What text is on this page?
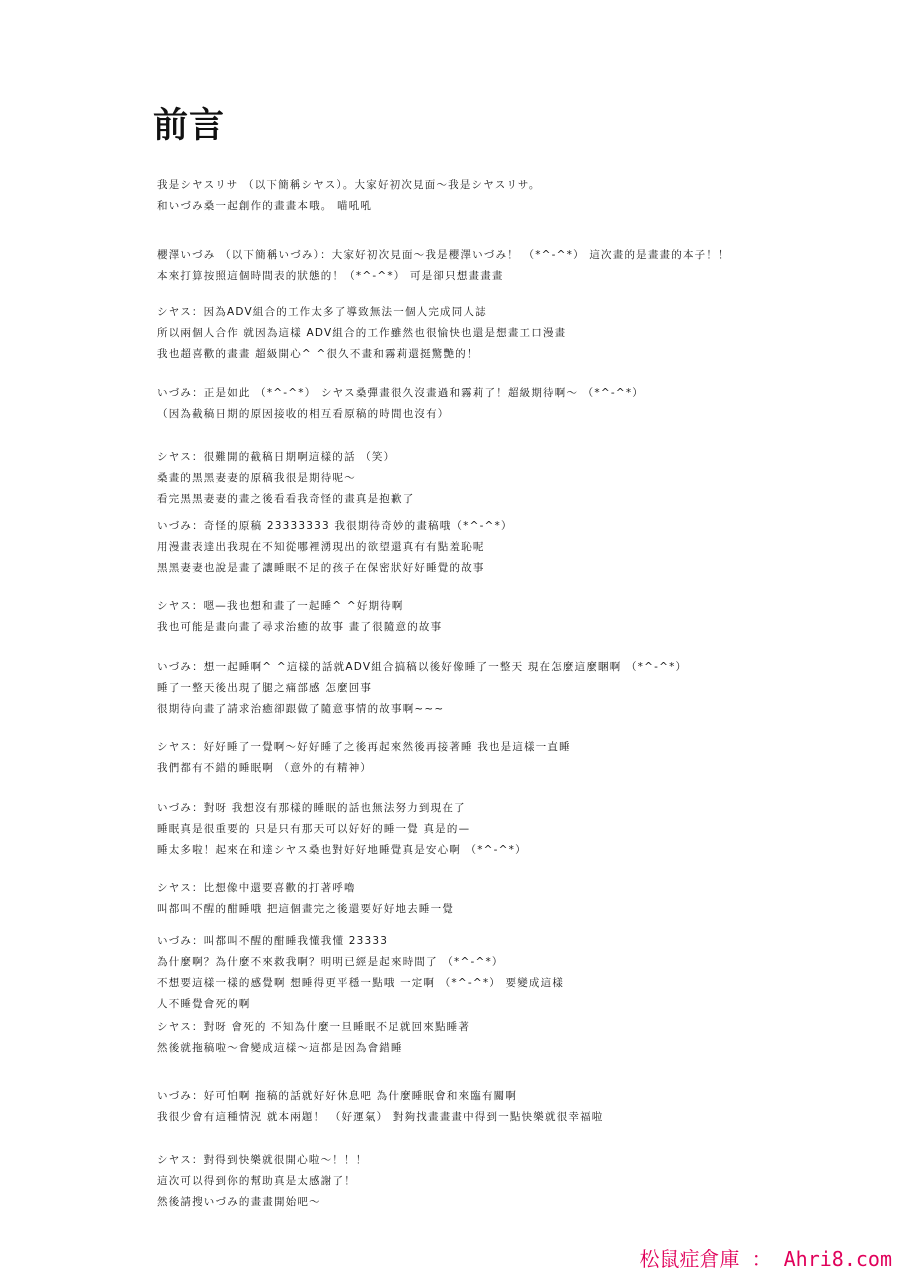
前言
我是シヤスリサ （以下簡稱シヤス）。大家好初次見面～我是シヤスリサ。
和いづみ桑一起創作的畫畫本哦。 喵吼吼
櫻澤いづみ （以下簡稱いづみ）：大家好初次見面～我是櫻澤いづみ！ （*^-^*） 這次畫的是畫畫的本子！！
本來打算按照這個時間表的狀態的！（*^-^*） 可是卻只想畫畫畫
シヤス：因為ADV組合的工作太多了導致無法一個人完成同人誌
所以兩個人合作 就因為這樣 ADV組合的工作雖然也很愉快也還是想畫工口漫畫
我也超喜歡的畫畫 超級開心^ ^很久不畫和霧莉還挺驚艷的！
いづみ：正是如此 （*^-^*） シヤス桑彈畫很久沒畫過和霧莉了！超級期待啊～ （*^-^*）
（因為截稿日期的原因接收的相互看原稿的時間也沒有）
シヤス：很難開的截稿日期啊這樣的話 （笑）
桑畫的黑黑妻妻的原稿我很是期待呢～
看完黑黑妻妻的畫之後看看我奇怪的畫真是抱歉了
いづみ：奇怪的原稿 23333333 我很期待奇妙的畫稿哦（*^-^*）
用漫畫表達出我現在不知從哪裡湧現出的欲望還真有有點羞恥呢
黑黑妻妻也說是畫了讓睡眠不足的孩子在保密狀好好睡覺的故事
シヤス：嗯—我也想和畫了一起睡^ ^好期待啊
我也可能是畫向畫了尋求治癒的故事 畫了很隨意的故事
いづみ：想一起睡啊^ ^這樣的話就ADV組合搞稿以後好像睡了一整天 現在怎麼這麼睏啊 （*^-^*）
睡了一整天後出現了腿之痛部感 怎麼回事
很期待向畫了請求治癒卻跟做了隨意事情的故事啊~~~
シヤス：好好睡了一覺啊～好好睡了之後再起來然後再接著睡 我也是這樣一直睡
我們都有不錯的睡眠啊 （意外的有精神）
いづみ：對呀 我想沒有那樣的睡眠的話也無法努力到現在了
睡眠真是很重要的 只是只有那天可以好好的睡一覺 真是的—
睡太多啦！起來在和達シヤス桑也對好好地睡覺真是安心啊 （*^-^*）
シヤス：比想像中還要喜歡的打著呼嚕
叫都叫不醒的酣睡哦 把這個畫完之後還要好好地去睡一覺
いづみ：叫都叫不醒的酣睡我懂我懂 23333
為什麼啊？為什麼不來救我啊？明明已經是起來時間了 （*^-^*）
不想要這樣一樣的感覺啊 想睡得更平穩一點哦 一定啊 （*^-^*） 要變成這樣
人不睡覺會死的啊
シヤス：對呀 會死的 不知為什麼一旦睡眠不足就回來點睡著
然後就拖稿啦～會變成這樣～這都是因為會錯睡
いづみ：好可怕啊 拖稿的話就好好休息吧 為什麼睡眠會和來臨有關啊
我很少會有這種情況 就本兩題！ （好運氣） 對夠找畫畫畫中得到一點快樂就很幸福啦
シヤス：對得到快樂就很開心啦～！！！
這次可以得到你的幫助真是太感謝了！
然後請搜いづみ的畫畫開始吧～
松鼠症倉庫 ： Ahri8.com
